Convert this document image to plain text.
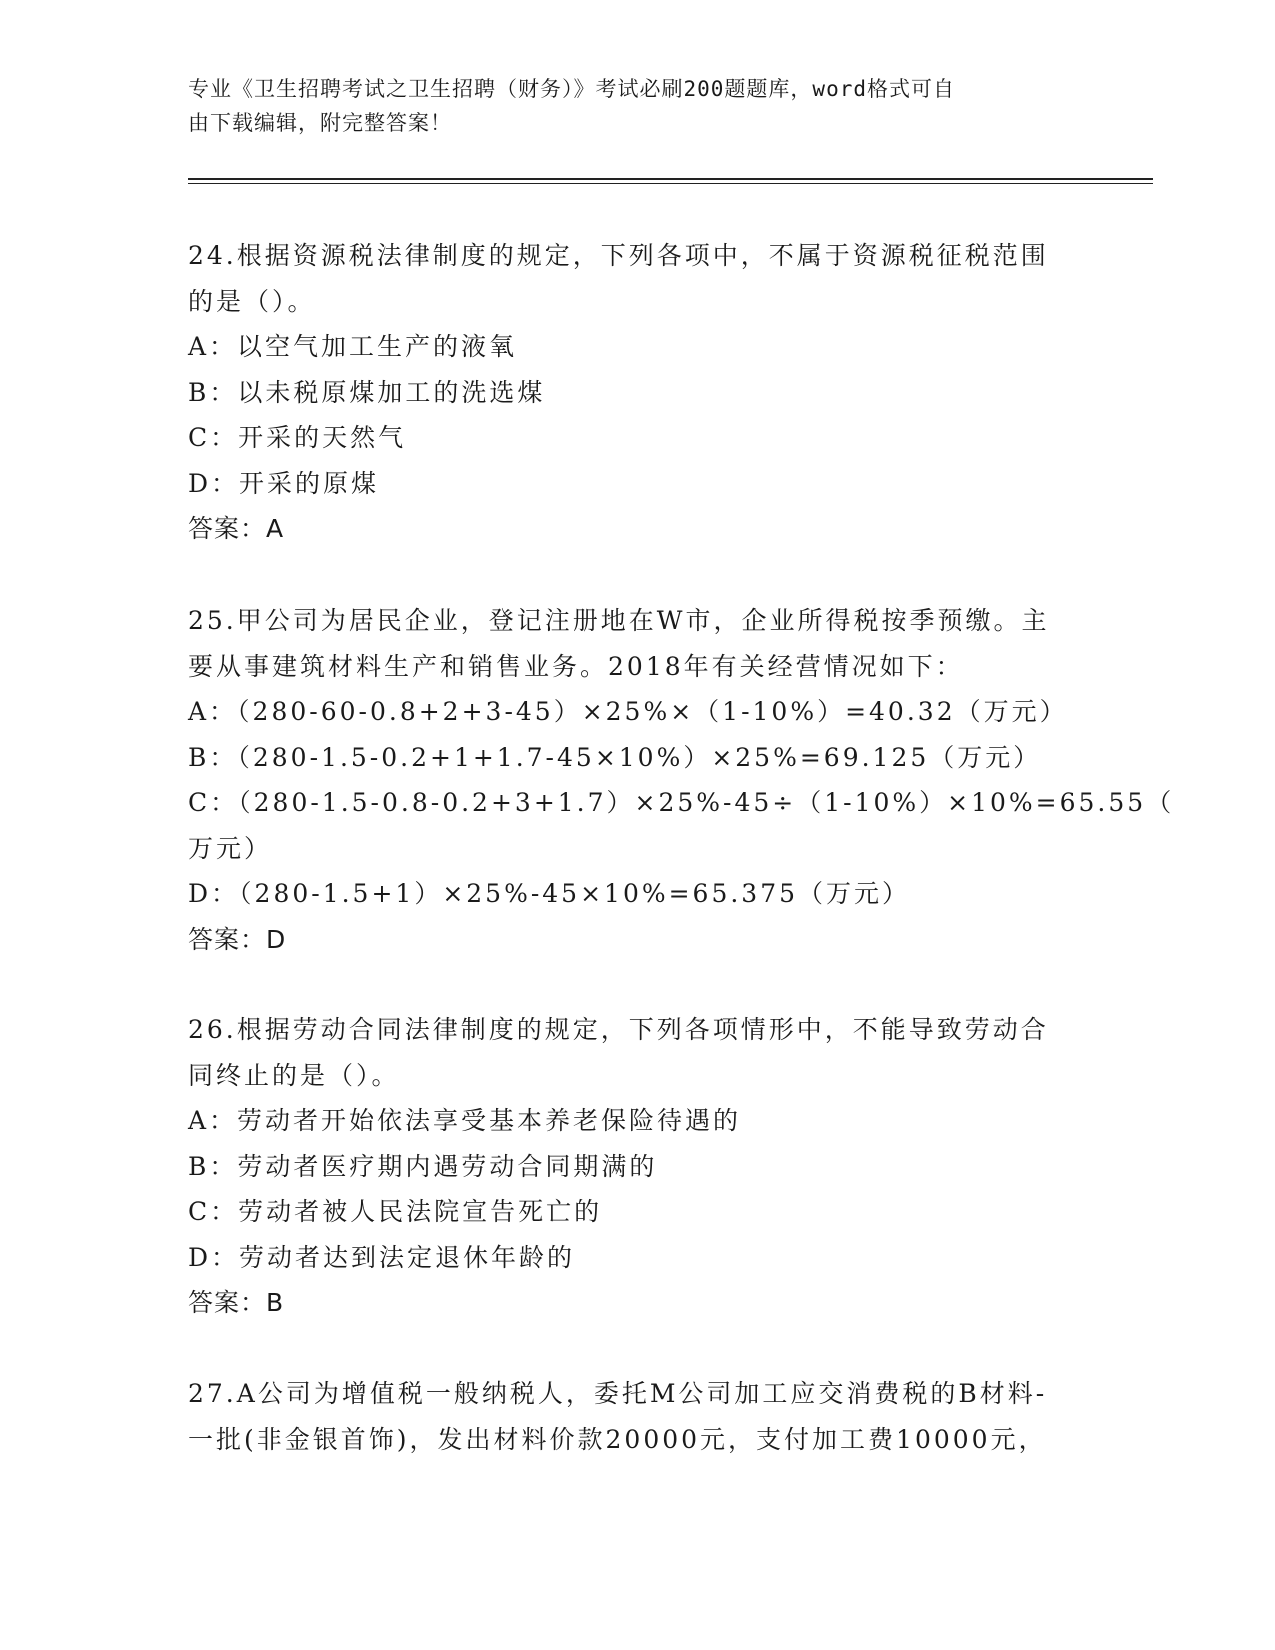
专业《卫生招聘考试之卫生招聘（财务）》考试必刷200题题库，word格式可自
由下载编辑，附完整答案！
24.根据资源税法律制度的规定，下列各项中，不属于资源税征税范围
的是（）。
A：以空气加工生产的液氧
B：以未税原煤加工的洗选煤
C：开采的天然气
D：开采的原煤
答案：A
25.甲公司为居民企业，登记注册地在W市，企业所得税按季预缴。主
要从事建筑材料生产和销售业务。2018年有关经营情况如下：
A：（280-60-0.8+2+3-45）×25%×（1-10%）=40.32（万元）
B：（280-1.5-0.2+1+1.7-45×10%）×25%=69.125（万元）
C：（280-1.5-0.8-0.2+3+1.7）×25%-45÷（1-10%）×10%=65.55（
万元）
D：（280-1.5+1）×25%-45×10%=65.375（万元）
答案：D
26.根据劳动合同法律制度的规定，下列各项情形中，不能导致劳动合
同终止的是（）。
A：劳动者开始依法享受基本养老保险待遇的
B：劳动者医疗期内遇劳动合同期满的
C：劳动者被人民法院宣告死亡的
D：劳动者达到法定退休年龄的
答案：B
27.A公司为增值税一般纳税人，委托M公司加工应交消费税的B材料-
一批(非金银首饰)，发出材料价款20000元，支付加工费10000元，
